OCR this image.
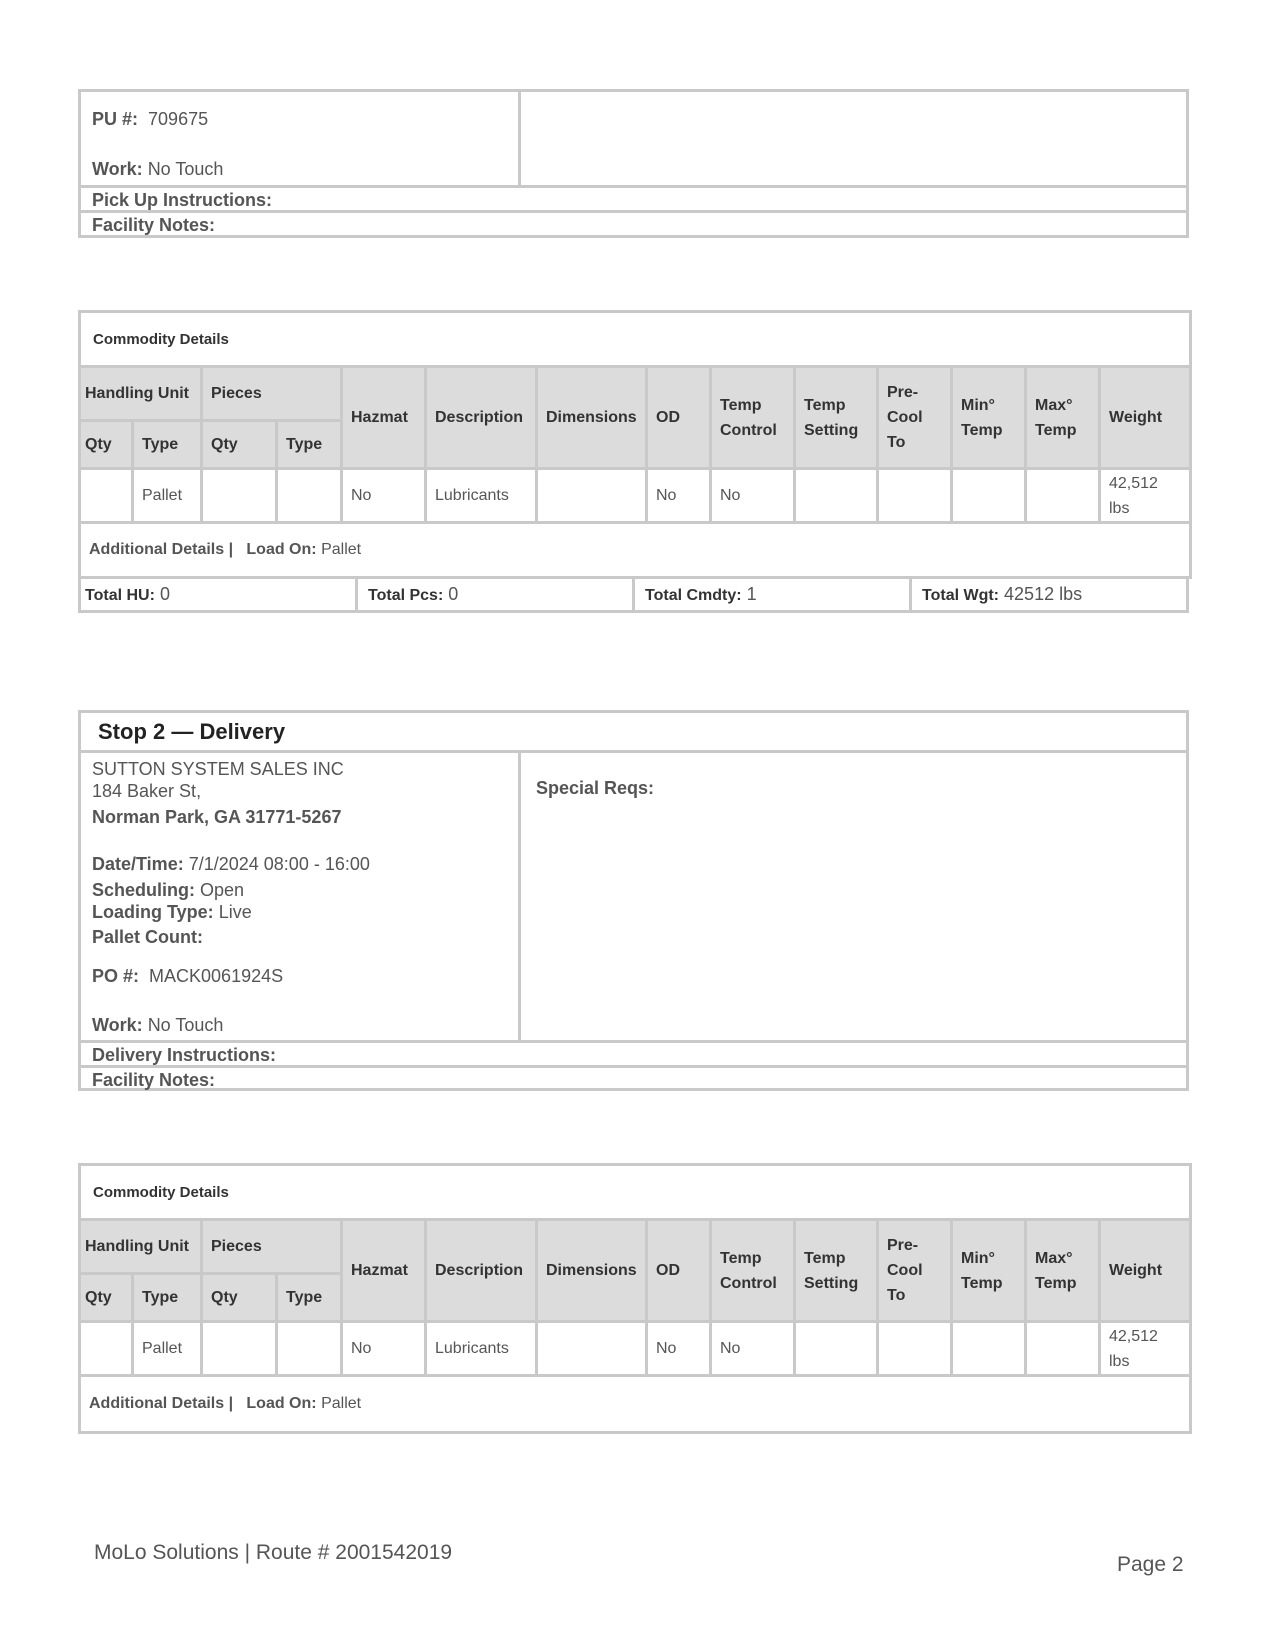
PU #: 709675
Work: No Touch
Pick Up Instructions:
Facility Notes:
Commodity Details													
Handling Unit		Pieces		Hazmat	Description	Dimensions	OD	Temp Control	Temp Setting	Pre- Cool To	Min° Temp	Max° Temp	Weight
Qty	Type	Qty	Type										
	Pallet			No	Lubricants		No	No					42,512 lbs
Additional Details | Load On: Pallet													
Total HU: 0	Total Pcs: 0	Total Cmdty: 1	Total Wgt: 42512 lbs
Stop 2 — Delivery
SUTTON SYSTEM SALES INC
184 Baker St,
Norman Park, GA 31771-5267
Date/Time: 7/1/2024 08:00 - 16:00
Scheduling: Open
Loading Type: Live
Pallet Count:
PO #: MACK0061924S
Work: No Touch
Special Reqs:
Delivery Instructions:
Facility Notes:
Commodity Details													
Handling Unit		Pieces		Hazmat	Description	Dimensions	OD	Temp Control	Temp Setting	Pre- Cool To	Min° Temp	Max° Temp	Weight
Qty	Type	Qty	Type										
	Pallet			No	Lubricants		No	No					42,512 lbs
Additional Details | Load On: Pallet													
MoLo Solutions | Route # 2001542019
Page 2
